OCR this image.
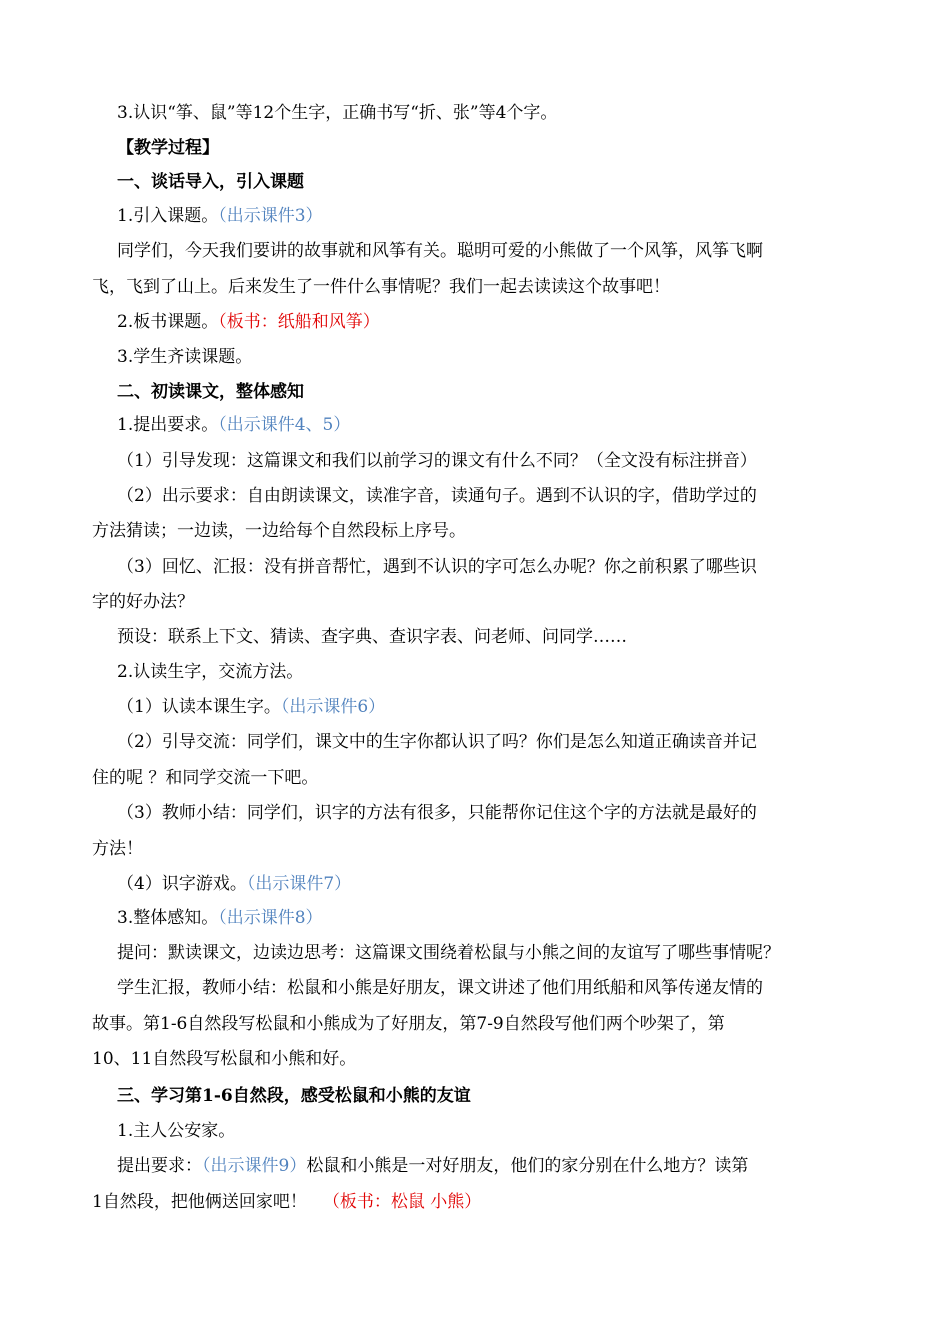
3.认识“筝、鼠”等12个生字，正确书写“折、张”等4个字。
【教学过程】
一、谈话导入，引入课题
1.引入课题。（出示课件3）
同学们，今天我们要讲的故事就和风筝有关。聪明可爱的小熊做了一个风筝，风筝飞啊
飞，飞到了山上。后来发生了一件什么事情呢？我们一起去读读这个故事吧！
2.板书课题。（板书：纸船和风筝）
3.学生齐读课题。
二、初读课文，整体感知
1.提出要求。（出示课件4、5）
（1）引导发现：这篇课文和我们以前学习的课文有什么不同？（全文没有标注拼音）
（2）出示要求：自由朗读课文，读准字音，读通句子。遇到不认识的字，借助学过的
方法猜读；一边读，一边给每个自然段标上序号。
（3）回忆、汇报：没有拼音帮忙，遇到不认识的字可怎么办呢？你之前积累了哪些识
字的好办法？
预设：联系上下文、猜读、查字典、查识字表、问老师、问同学……
2.认读生字，交流方法。
（1）认读本课生字。（出示课件6）
（2）引导交流：同学们，课文中的生字你都认识了吗？你们是怎么知道正确读音并记
住的呢 ？和同学交流一下吧。
（3）教师小结：同学们，识字的方法有很多，只能帮你记住这个字的方法就是最好的
方法！
（4）识字游戏。（出示课件7）
3.整体感知。（出示课件8）
提问：默读课文，边读边思考：这篇课文围绕着松鼠与小熊之间的友谊写了哪些事情呢？
学生汇报，教师小结：松鼠和小熊是好朋友，课文讲述了他们用纸船和风筝传递友情的
故事。第1-6自然段写松鼠和小熊成为了好朋友，第7-9自然段写他们两个吵架了，第
10、11自然段写松鼠和小熊和好。
三、学习第1-6自然段，感受松鼠和小熊的友谊
1.主人公安家。
提出要求：（出示课件9）松鼠和小熊是一对好朋友，他们的家分别在什么地方？读第
1自然段，把他俩送回家吧！ （板书：松鼠 小熊）
